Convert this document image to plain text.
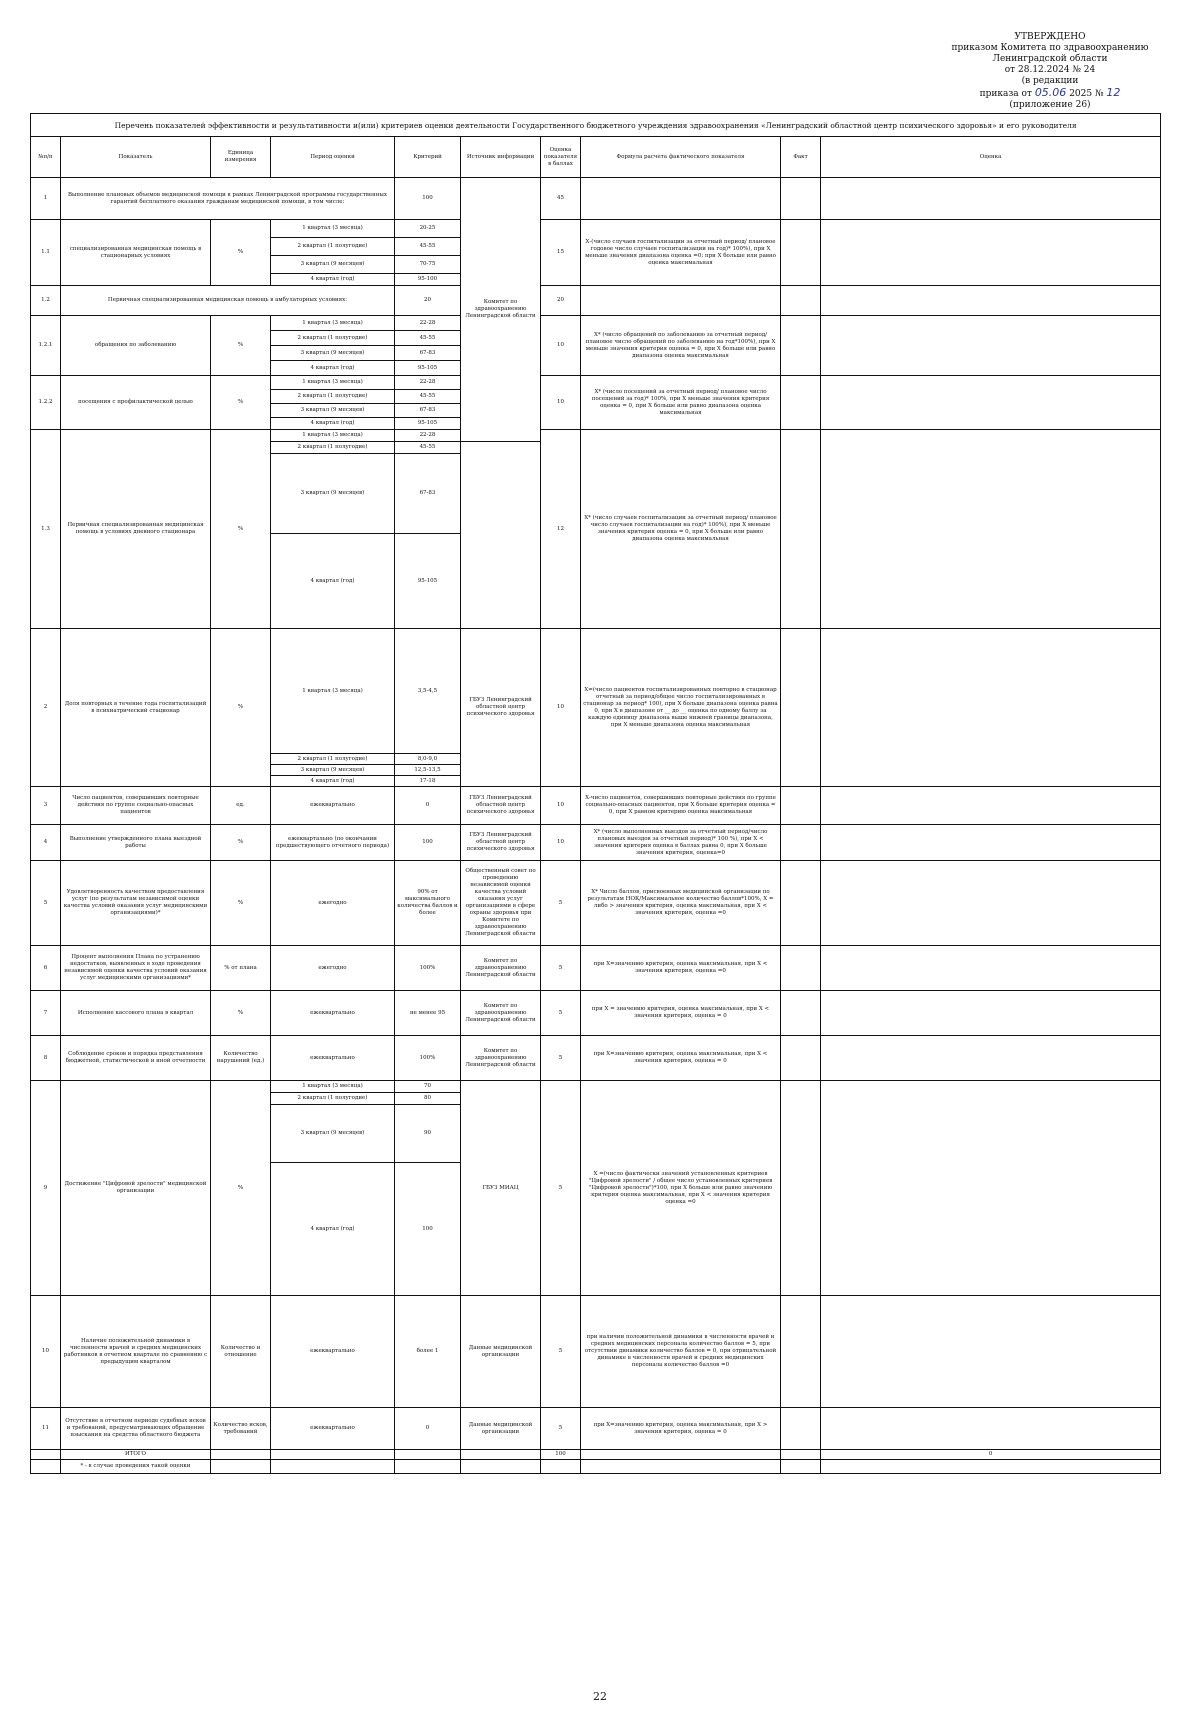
УТВЕРЖДЕНО
приказом Комитета по здравоохранению
Ленинградской области
от 28.12.2024 № 24
(в редакции
приказа от 05.06 2025 № 12
(приложение 26)
Перечень показателей эффективности и результативности и(или) критериев оценки деятельности Государственного бюджетного учреждения здравоохранения «Ленинградский областной центр психического здоровья» и его руководителя									
№п/п	Показатель	Единица измерения	Период оценки	Критерий	Источник информации	Оценка показателя в баллах	Формула расчета фактического показателя	Факт	Оценка
1	Выполнение плановых объемов медицинской помощи в рамках Ленинградской программы государственных гарантий бесплатного оказания гражданам медицинской помощи, в том числе:			100	Комитет по здравоохранению Ленинградской области	45			
1.1	специализированная медицинская помощь в стационарных условиях	%	1 квартал (3 месяца)	20-25		15	Х-(число случаев госпитализации за отчетный период/ плановое годовое число случаев госпитализации на год)* 100%), при Х меньше значения диапазона оценка =0; при Х больше или равно оценка максимальная		
			2 квартал (1 полугодие)	45-55					
			3 квартал (9 месяцев)	70-75					
			4 квартал (год)	95-100					
1.2	Первичная специализированная медицинская помощь в амбулаторных условиях:			20		20			
1.2.1	обращения по заболеванию	%	1 квартал (3 месяца)	22-28		10	Х* (число обращений по заболеванию за отчетный период/ плановое число обращений по заболеванию на год*100%), при Х меньше значения критерия оценка = 0, при Х больше или равно диапазона оценка максимальная		
			2 квартал (1 полугодие)	45-55					
			3 квартал (9 месяцев)	67-83					
			4 квартал (год)	95-105					
1.2.2	посещения с профилактической целью	%	1 квартал (3 месяца)	22-28		10	Х* (число посещений за отчетный период/ плановое число посещений за год)* 100%, при Х меньше значения критерия оценка = 0, при Х больше или равно диапазона оценка максимальная		
			2 квартал (1 полугодие)	45-55					
			3 квартал (9 месяцев)	67-83					
			4 квартал (год)	95-105					
1.3	Первичная специализированная медицинская помощь в условиях дневного стационара	%	1 квартал (3 месяца)	22-28		12	Х* (число случаев госпитализации за отчетный период/ плановое число случаев госпитализации на год)* 100%), при Х меньше значения критерия оценка = 0, при Х больше или равно диапазона оценка максимальная		
			2 квартал (1 полугодие)	45-55					
			3 квартал (9 месяцев)	67-83					
			4 квартал (год)	95-105					
2	Доля повторных в течение года госпитализаций в психиатрический стационар	%	1 квартал (3 месяца)	3,5-4,5	ГБУЗ Ленинградский областной центр психического здоровья	10	Х=(число пациентов госпитализированных повторно в стационар отчетный за период/общее число госпитализированных в стационар за период* 100), при Х больше диапазона оценка равна 0, при Х в диапазоне от __ до __ оценка по одному баллу за каждую единицу диапазона выше нижней границы диапазона, при Х меньше диапазона оценка максимальная		
			2 квартал (1 полугодие)	8,0-9,0					
			3 квартал (9 месяцев)	12,5-13,5					
			4 квартал (год)	17-18					
3	Число пациентов, совершивших повторные действия по группе социально-опасных пациентов	ед.	ежеквартально	0	ГБУЗ Ленинградский областной центр психического здоровья	10	Х-число пациентов, совершивших повторные действия по группе социально-опасных пациентов, при Х больше критерия оценка = 0, при Х равном критерию оценка максимальная		
4	Выполнение утвержденного плана выездной работы	%	ежеквартально (по окончании предшествующего отчетного периода)	100	ГБУЗ Ленинградский областной центр психического здоровья	10	Х* (число выполненных выездов за отчетный период/число плановых выездов за отчетный период)* 100 %), при Х < значения критерия оценка в баллах равна 0, при Х больше значения критерия, оценка=0		
5	Удовлетворенность качеством предоставления услуг (по результатам независимой оценки качества условий оказания услуг медицинскими организациями)*	%	ежегодно	90% от максимального количества баллов и более	Общественный совет по проведению независимой оценки качества условий оказания услуг организациями в сфере охраны здоровья при Комитете по здравоохранению Ленинградской области	5	Х* Число баллов, присвоенных медицинской организации по результатам НОК/Максимальное количество баллов*100%, Х = либо > значения критерия, оценка максимальная, при Х < значения критерия, оценка =0		
6	Процент выполнения Плана по устранению недостатков, выявленных в ходе проведения независимой оценки качества условий оказания услуг медицинскими организациями*	% от плана	ежегодно	100%	Комитет по здравоохранению Ленинградской области	5	при Х=значению критерия, оценка максимальная, при Х < значения критерия, оценка =0		
7	Исполнение кассового плана в квартал	%	ежеквартально	не менее 95	Комитет по здравоохранению Ленинградской области	5	при Х = значению критерия, оценка максимальная, при Х < значения критерия, оценка = 0		
8	Соблюдение сроков и порядка представления бюджетной, статистической и иной отчетности	Количество нарушений (ед.)	ежеквартально	100%	Комитет по здравоохранению Ленинградской области	5	при Х=значению критерия, оценка максимальная, при Х < значения критерия, оценка = 0		
9	Достижение "Цифровой зрелости" медицинской организации	%	1 квартал (3 месяца)	70	ГБУЗ МИАЦ	5	Х =(число фактически значений установленных критериев "Цифровой зрелости" / общее число установленных критериев "Цифровой зрелости")*100, при Х больше или равно значению критерия оценка максимальная, при Х < значения критерия оценка =0		
			2 квартал (1 полугодие)	80					
			3 квартал (9 месяцев)	90					
			4 квартал (год)	100					
10	Наличие положительной динамики в численности врачей и средних медицинских работников в отчетном квартале по сравнению с предыдущим кварталом	Количество и отношение	ежеквартально	более 1	Данные медицинской организации	5	при наличии положительной динамики в численности врачей и средних медицинских персонала количество баллов = 5, при отсутствии динамики количество баллов = 0, при отрицательной динамике в численности врачей и средних медицинских персонала количество баллов =0		
11	Отсутствие в отчетном периоде судебных исков и требований, предусматривающих обращение взыскания на средства областного бюджета	Количество исков, требований	ежеквартально	0	Данные медицинской организации	5	при Х=значению критерия, оценка максимальная, при Х > значения критерия, оценка = 0		
	ИТОГО					100			0
	* - в случае проведения такой оценки								
22
